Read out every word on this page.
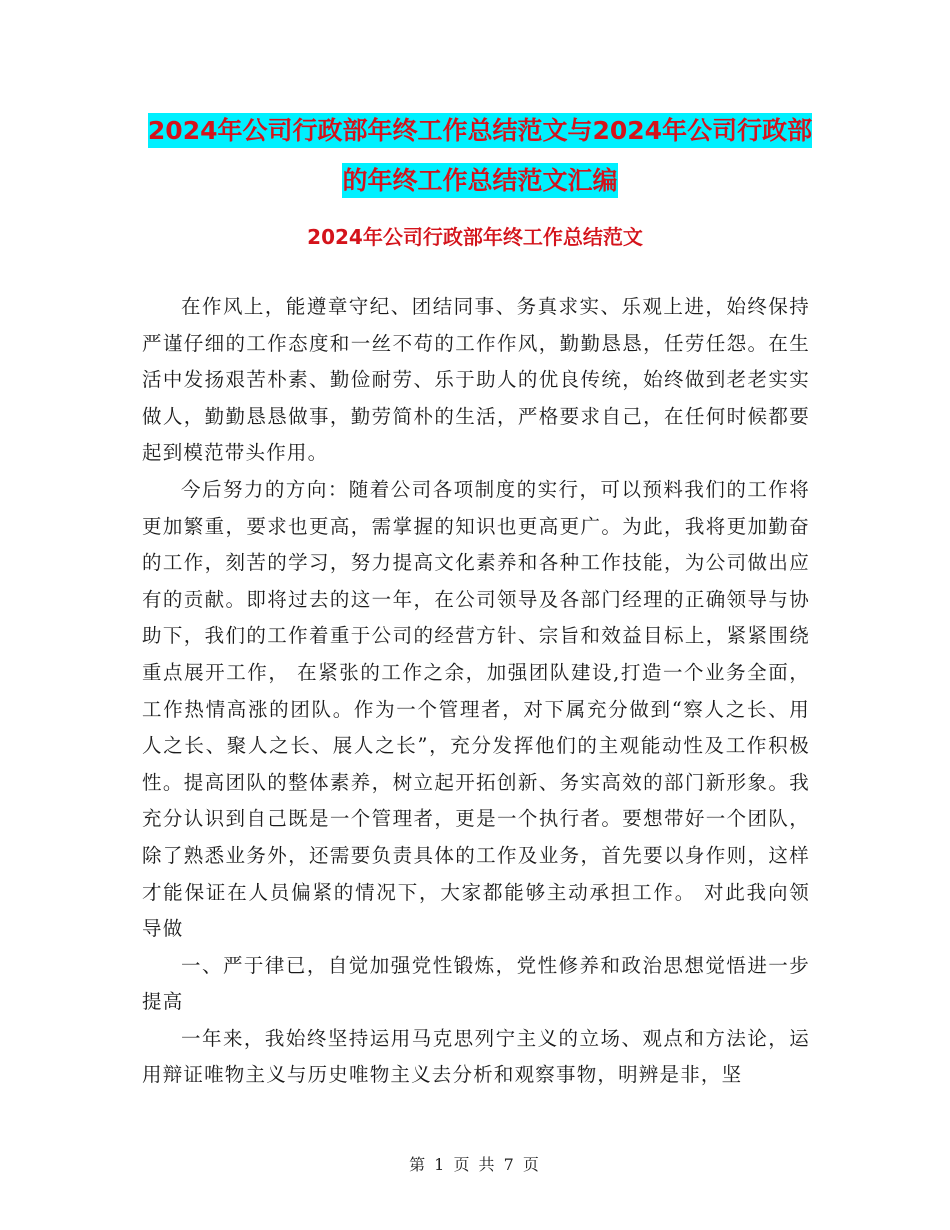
2024年公司行政部年终工作总结范文与2024年公司行政部的年终工作总结范文汇编
2024年公司行政部年终工作总结范文

在作风上，能遵章守纪、团结同事、务真求实、乐观上进，始终保持严谨仔细的工作态度和一丝不苟的工作作风，勤勤恳恳，任劳任怨。在生活中发扬艰苦朴素、勤俭耐劳、乐于助人的优良传统，始终做到老老实实做人，勤勤恳恳做事，勤劳简朴的生活，严格要求自己，在任何时候都要起到模范带头作用。

今后努力的方向：随着公司各项制度的实行，可以预料我们的工作将更加繁重，要求也更高，需掌握的知识也更高更广。为此，我将更加勤奋的工作，刻苦的学习，努力提高文化素养和各种工作技能，为公司做出应有的贡献。即将过去的这一年，在公司领导及各部门经理的正确领导与协助下，我们的工作着重于公司的经营方针、宗旨和效益目标上，紧紧围绕重点展开工作， 在紧张的工作之余，加强团队建设,打造一个业务全面，工作热情高涨的团队。作为一个管理者，对下属充分做到“察人之长、用人之长、聚人之长、展人之长”，充分发挥他们的主观能动性及工作积极性。提高团队的整体素养，树立起开拓创新、务实高效的部门新形象。我充分认识到自己既是一个管理者，更是一个执行者。要想带好一个团队，除了熟悉业务外，还需要负责具体的工作及业务，首先要以身作则，这样才能保证在人员偏紧的情况下，大家都能够主动承担工作。 对此我向领导做

一、严于律已，自觉加强党性锻炼，党性修养和政治思想觉悟进一步提高

一年来，我始终坚持运用马克思列宁主义的立场、观点和方法论，运用辩证唯物主义与历史唯物主义去分析和观察事物，明辨是非，坚

第 1 页 共 7 页
